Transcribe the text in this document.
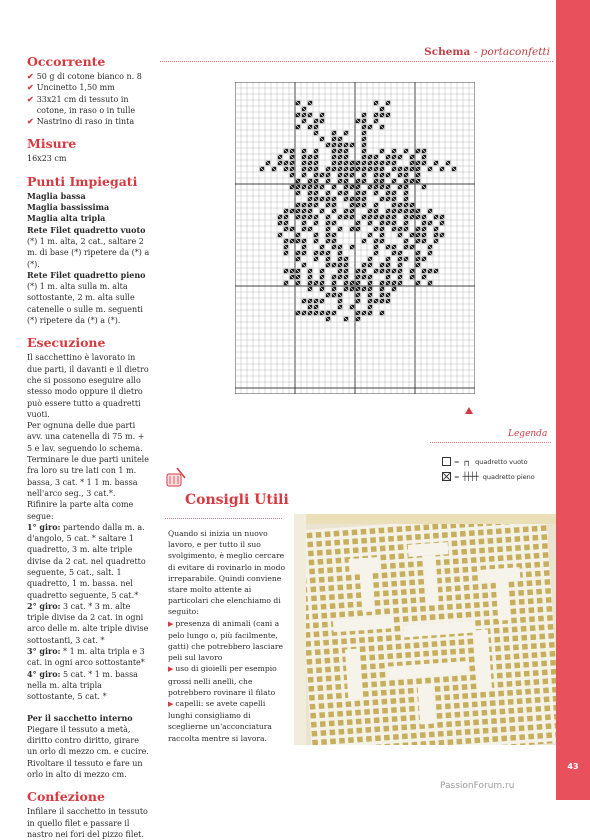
43
PassionForum.ru
Occorrente
✔ 50 g di cotone bianco n. 8
✔ Uncinetto 1,50 mm
✔ 33x21 cm di tessuto in cotone, in raso o in tulle
✔ Nastrino di raso in tinta
Misure

16x23 cm

Punti Impiegati

Maglia bassa

Maglia bassissima

Maglia alta tripla

Rete Filet quadretto vuoto

(*) 1 m. alta, 2 cat., saltare 2 m. di base (*) ripetere da (*) a (*).

Rete Filet quadretto pieno

(*) 1 m. alta sulla m. alta sottostante, 2 m. alta sulle catenelle o sulle m. seguenti (*) ripetere da (*) a (*).

Esecuzione

Il sacchettino è lavorato in due parti, il davanti e il dietro che si possono eseguire allo stesso modo oppure il dietro può essere tutto a quadretti vuoti.

Per ognuna delle due parti avv. una catenella di 75 m. + 5 e lav. seguendo lo schema.

Terminare le due parti unitele fra loro su tre lati con 1 m. bassa, 3 cat. * 1 1 m. bassa nell'arco seg., 3 cat.*.

Rifinire la parte alta come segue:

1° giro: partendo dalla m. a. d'angolo, 5 cat. * saltare 1 quadretto, 3 m. alte triple divise da 2 cat. nel quadretto seguente, 5 cat., salt. 1 quadretto, 1 m. bassa. nel quadretto seguente, 5 cat.*

2° giro: 3 cat. * 3 m. alte triple divise da 2 cat. in ogni arco delle m. alte triple divise sottostanti, 3 cat. *

3° giro: * 1 m. alta tripla e 3 cat. in ogni arco sottostante*

4° giro: 5 cat. * 1 m. bassa nella m. alta tripla sottostante, 5 cat. *

Per il sacchetto interno

Piegare il tessuto a metà, diritto contro diritto, girare un orlo di mezzo cm. e cucire.

Rivoltare il tessuto e fare un orlo in alto di mezzo cm.

Confezione

Infilare il sacchetto in tessuto in quello filet e passare il nastro nei fori del pizzo filet.

Schema - portaconfetti
Legenda
= ┌┐ quadretto vuoto
= ┼┼┼┼ quadretto pieno
Consigli Utili

Quando si inizia un nuovo lavoro, e per tutto il suo svolgimento, è meglio cercare di evitare di rovinarlo in modo irreparabile. Quindi conviene stare molto attente ai particolari che elenchiamo di seguito:

▶ presenza di animali (cani a pelo lungo o, più facilmente, gatti) che potrebbero lasciare peli sul lavoro

▶ uso di gioielli per esempio grossi nelli anelli, che potrebbero rovinare il filato

▶ capelli: se avete capelli lunghi consigliamo di sceglierne un'acconciatura raccolta mentre si lavora.
